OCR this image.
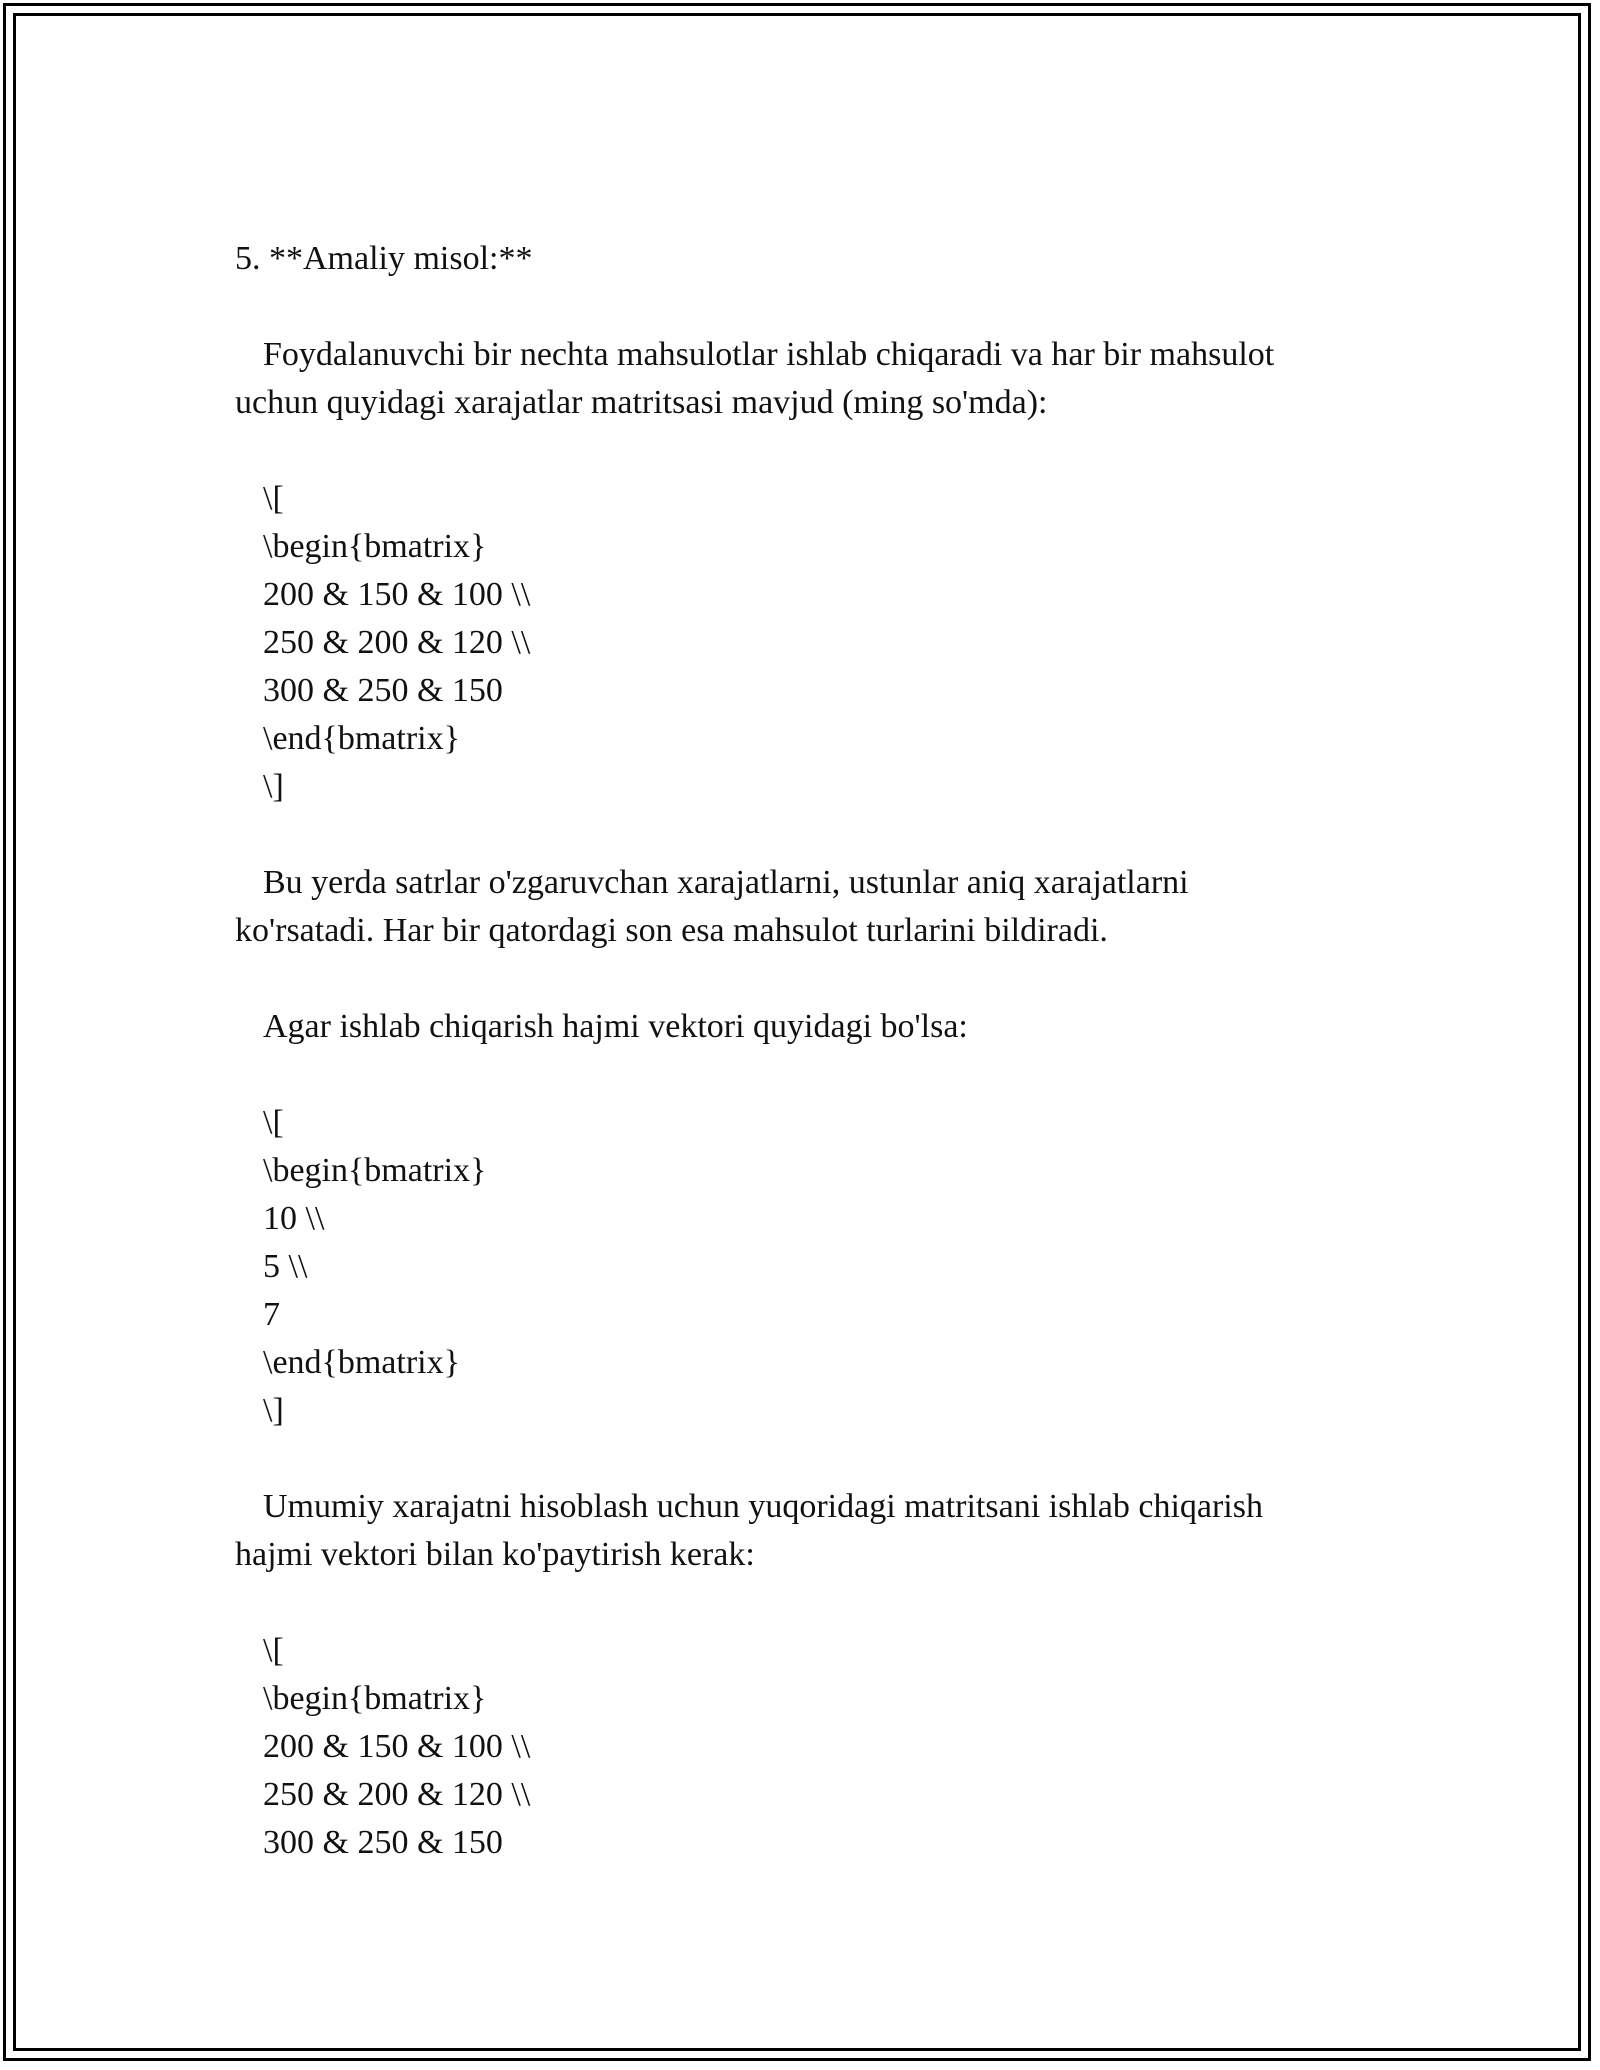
5. **Amaliy misol:**
Foydalanuvchi bir nechta mahsulotlar ishlab chiqaradi va har bir mahsulot
uchun quyidagi xarajatlar matritsasi mavjud (ming so'mda):
\[
\begin{bmatrix}
200 & 150 & 100 \\
250 & 200 & 120 \\
300 & 250 & 150
\end{bmatrix}
\]
Bu yerda satrlar o'zgaruvchan xarajatlarni, ustunlar aniq xarajatlarni
ko'rsatadi. Har bir qatordagi son esa mahsulot turlarini bildiradi.
Agar ishlab chiqarish hajmi vektori quyidagi bo'lsa:
\[
\begin{bmatrix}
10 \\
5 \\
7
\end{bmatrix}
\]
Umumiy xarajatni hisoblash uchun yuqoridagi matritsani ishlab chiqarish
hajmi vektori bilan ko'paytirish kerak:
\[
\begin{bmatrix}
200 & 150 & 100 \\
250 & 200 & 120 \\
300 & 250 & 150
